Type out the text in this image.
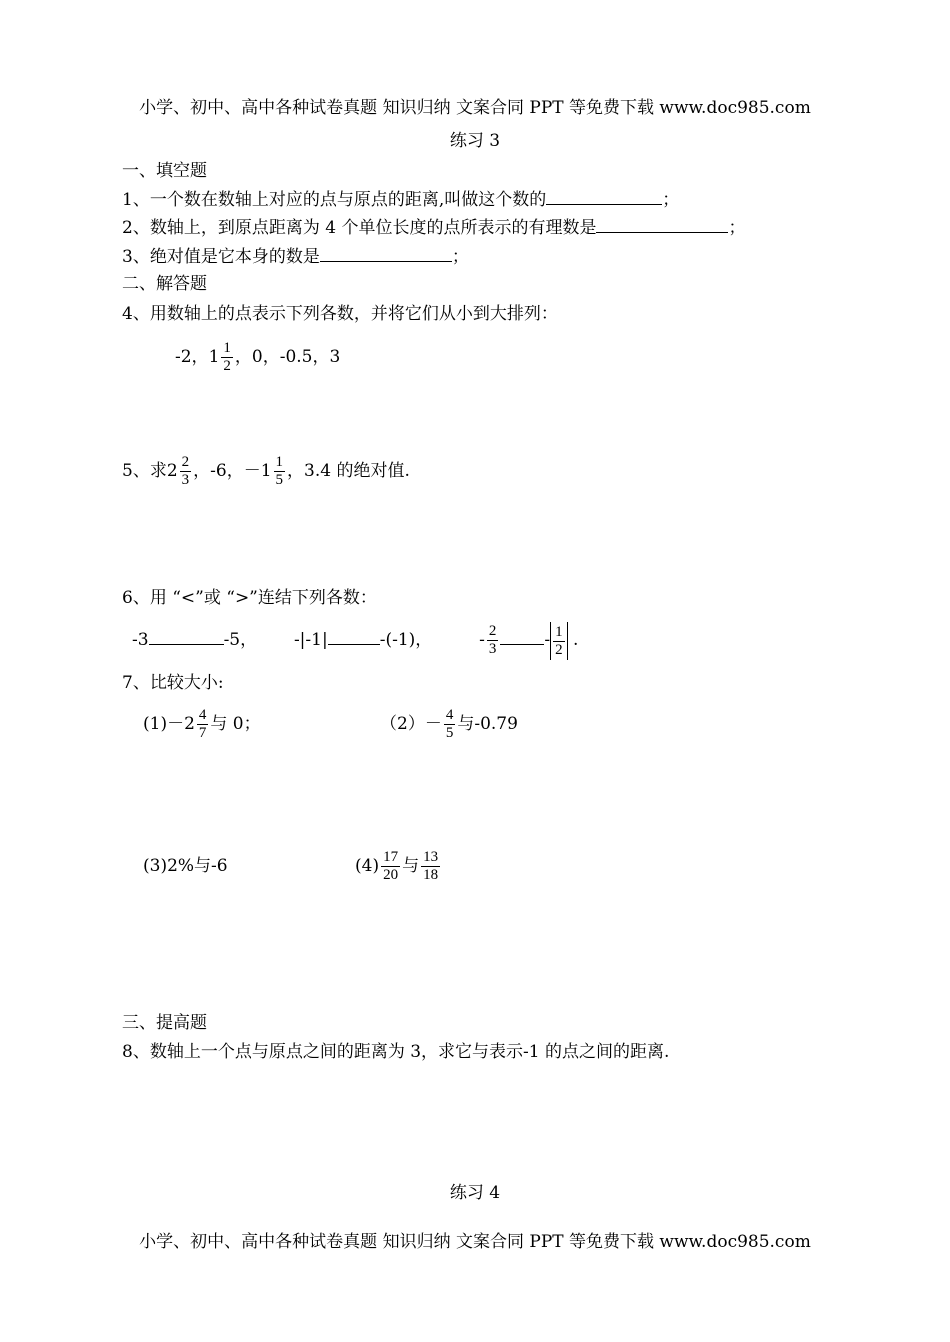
小学、初中、高中各种试卷真题 知识归纳 文案合同 PPT 等免费下载 www.doc985.com
练习 3
一、填空题
1、一个数在数轴上对应的点与原点的距离,叫做这个数的	；
2、数轴上，到原点距离为 4 个单位长度的点所表示的有理数是	；
3、绝对值是它本身的数是	；
二、解答题
4、用数轴上的点表示下列各数，并将它们从小到大排列：
-2，$1 \frac{1}{2}$ ，0，-0.5，3
5、求$2 \frac{2}{3}$ ，-6，$-1 \frac{1}{5}$ ，3.4 的绝对值.
6、用 “<”或 “>”连结下列各数：
-3	-5， -|-1|	-(-1)，	- $\frac{2}{3}$	- $\frac{1}{2}$ .
7、比较大小:
$(1)-2 \frac{4}{7}$ 与 0；	$(2)- \frac{4}{5}$ 与-0.79
(3)2%与-6	$(4) \frac{17}{20}$ 与 $\frac{13}{18}$
三、提高题
8、数轴上一个点与原点之间的距离为 3，求它与表示-1 的点之间的距离.
练习 4
小学、初中、高中各种试卷真题 知识归纳 文案合同 PPT 等免费下载 www.doc985.com
